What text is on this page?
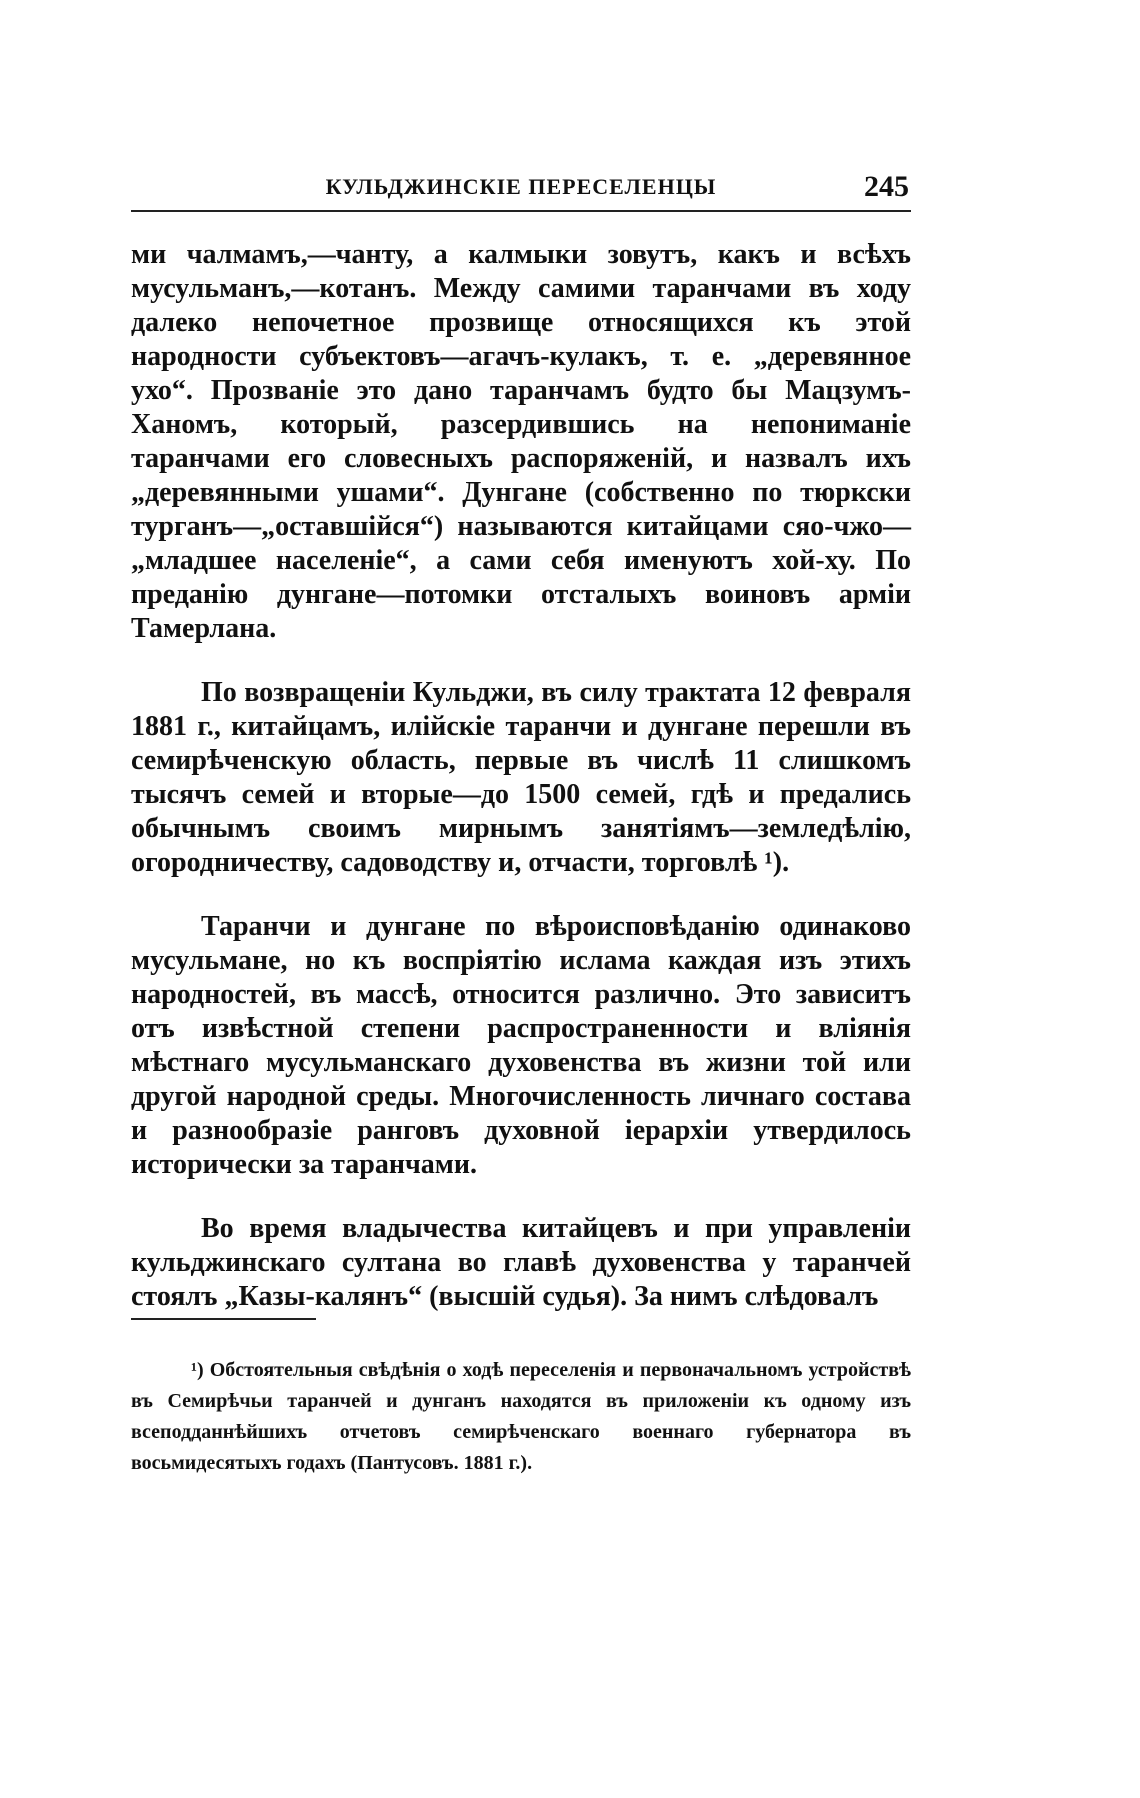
КУЛЬДЖИНСКІЕ ПЕРЕСЕЛЕНЦЫ	245

ми чалмамъ,—чанту, а калмыки зовутъ, какъ и всѣхъ мусульманъ,—котанъ. Между самими таранчами въ ходу далеко непочетное прозвище относящихся къ этой народности субъектовъ—агачъ-кулакъ, т. е. „деревянное ухо“. Прозваніе это дано таранчамъ будто бы Мацзумъ-Ханомъ, который, разсердившись на непониманіе таранчами его словесныхъ распоряженій, и назвалъ ихъ „деревянными ушами“. Дунгане (собственно по тюркски турганъ—„оставшійся“) называются китайцами сяо-чжо—„младшее населеніе“, а сами себя именуютъ хой-ху. По преданію дунгане—потомки отсталыхъ воиновъ арміи Тамерлана.

По возвращеніи Кульджи, въ силу трактата 12 февраля 1881 г., китайцамъ, илійскіе таранчи и дунгане перешли въ семирѣченскую область, первые въ числѣ 11 слишкомъ тысячъ семей и вторые—до 1500 семей, гдѣ и предались обычнымъ своимъ мирнымъ занятіямъ—земледѣлію, огородничеству, садоводству и, отчасти, торговлѣ ¹).

Таранчи и дунгане по вѣроисповѣданію одинаково мусульмане, но къ воспріятію ислама каждая изъ этихъ народностей, въ массѣ, относится различно. Это зависитъ отъ извѣстной степени распространенности и вліянія мѣстнаго мусульманскаго духовенства въ жизни той или другой народной среды. Многочисленность личнаго состава и разнообразіе ранговъ духовной іерархіи утвердилось исторически за таранчами.

Во время владычества китайцевъ и при управленіи кульджинскаго султана во главѣ духовенства у таранчей стоялъ „Казы-калянъ“ (высшій судья). За нимъ слѣдовалъ

¹) Обстоятельныя свѣдѣнія о ходѣ переселенія и первоначальномъ устройствѣ въ Семирѣчьи таранчей и дунганъ находятся въ приложеніи къ одному изъ всеподданнѣйшихъ отчетовъ семирѣченскаго военнаго губернатора въ восьмидесятыхъ годахъ (Пантусовъ. 1881 г.).
